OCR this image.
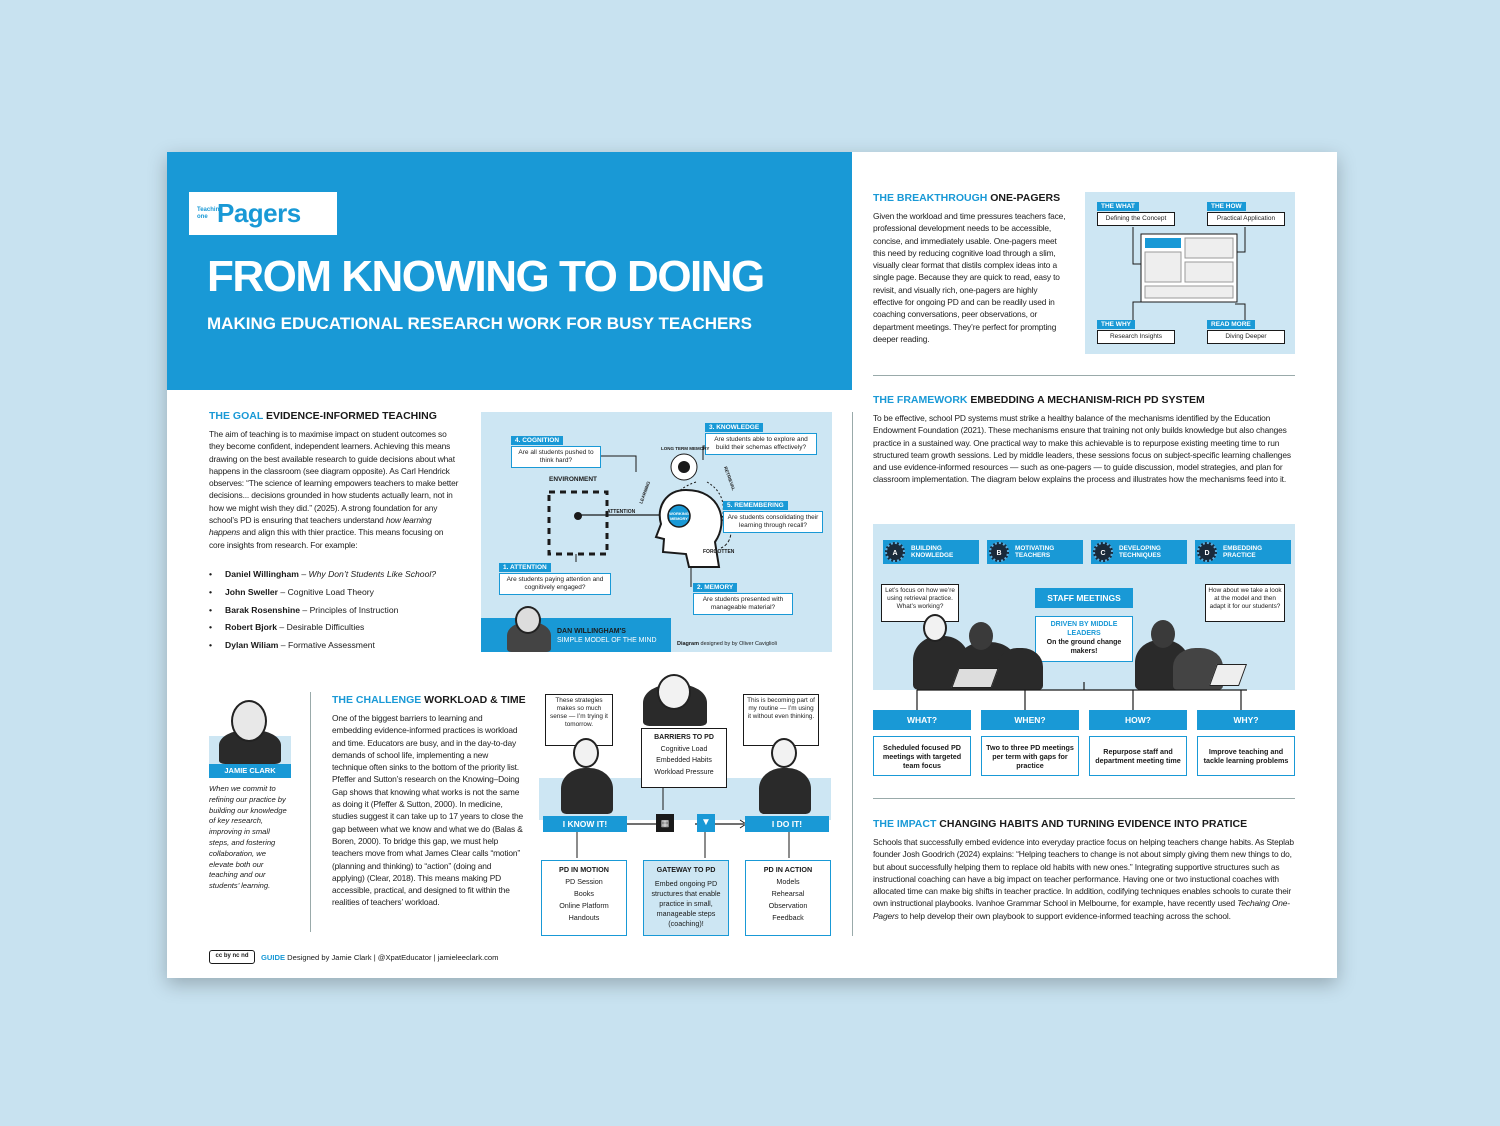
Teaching one Pagers
FROM KNOWING TO DOING
MAKING EDUCATIONAL RESEARCH WORK FOR BUSY TEACHERS
THE GOAL EVIDENCE-INFORMED TEACHING
The aim of teaching is to maximise impact on student outcomes so they become confident, independent learners. Achieving this means drawing on the best available research to guide decisions about what happens in the classroom (see diagram opposite). As Carl Hendrick observes: “The science of learning empowers teachers to make better decisions... decisions grounded in how students actually learn, not in how we might wish they did.” (2025). A strong foundation for any school’s PD is ensuring that teachers understand how learning happens and align this with thier practice. This means focusing on core insights from research. For example:
• Daniel Willingham – Why Don’t Students Like School?
• John Sweller – Cognitive Load Theory
• Barak Rosenshine – Principles of Instruction
• Robert Bjork – Desirable Difficulties
• Dylan Wiliam – Formative Assessment
4. COGNITION
Are all students pushed to think hard?
3. KNOWLEDGE
Are students able to explore and build their schemas effectively?
5. REMEMBERING
Are students consolidating their learning through recall?
1. ATTENTION
Are students paying attention and cognitively engaged?	2. MEMORY
Are students presented with manageable material?
ENVIRONMENT
ATTENTION	WORKING MEMORY
LONG TERM MEMORY
LEARNING
RETRIEVAL
FORGOTTEN
DAN WILLINGHAM'S
SIMPLE MODEL OF THE MIND	Diagram designed by by Oliver Caviglioli
JAMIE CLARK
When we commit to refining our practice by building our knowledge of key research, improving in small steps, and fostering collaboration, we elevate both our teaching and our students’ learning.
THE CHALLENGE WORKLOAD & TIME
One of the biggest barriers to learning and embedding evidence-informed practices is workload and time. Educators are busy, and in the day-to-day demands of school life, implementing a new technique often sinks to the bottom of the priority list. Pfeffer and Sutton’s research on the Knowing–Doing Gap shows that knowing what works is not the same as doing it (Pfeffer & Sutton, 2000). In medicine, studies suggest it can take up to 17 years to close the gap between what we know and what we do (Balas & Boren, 2000). To bridge this gap, we must help teachers move from what James Clear calls “motion” (planning and thinking) to “action” (doing and applying) (Clear, 2018). This means making PD accessible, practical, and designed to fit within the realities of teachers’ workload.
These strategies makes so much sense — I’m trying it tomorrow.
This is becoming part of my routine — I’m using it without even thinking.
BARRIERS TO PD
Cognitive Load
Embedded Habits
Workload Pressure
▦	▼
I KNOW IT!	I DO IT!
PD IN MOTION
PD Session
Books
Online Platform
Handouts
GATEWAY TO PD
Embed ongoing PD structures that enable practice in small, manageable steps (coaching)!
PD IN ACTION
Models
Rehearsal
Observation
Feedback
cc by nc nd	GUIDE Designed by Jamie Clark | @XpatEducator | jamieleeclark.com
THE BREAKTHROUGH ONE-PAGERS
Given the workload and time pressures teachers face, professional development needs to be accessible, concise, and immediately usable. One-pagers meet this need by reducing cognitive load through a slim, visually clear format that distils complex ideas into a single page. Because they are quick to read, easy to revisit, and visually rich, one-pagers are highly effective for ongoing PD and can be readily used in coaching conversations, peer observations, or department meetings. They’re perfect for prompting deeper reading.
THE WHAT
Defining the Concept
THE HOW
Practical Application
THE WHY
Research Insights
READ MORE
Diving Deeper
THE FRAMEWORK EMBEDDING A MECHANISM-RICH PD SYSTEM
To be effective, school PD systems must strike a healthy balance of the mechanisms identified by the Education Endowment Foundation (2021). These mechanisms ensure that training not only builds knowledge but also changes practice in a sustained way. One practical way to make this achievable is to repurpose existing meeting time to run structured team growth sessions. Led by middle leaders, these sessions focus on subject-specific learning challenges and use evidence-informed resources — such as one-pagers — to guide discussion, model strategies, and plan for classroom implementation. The diagram below explains the process and illustrates how the mechanisms feed into it.
A
BUILDING KNOWLEDGE	B
MOTIVATING TEACHERS	C
DEVELOPING TECHNIQUES	D
EMBEDDING PRACTICE
Let’s focus on how we’re using retrieval practice. What’s working?
How about we take a look at the model and then adapt it for our students?
STAFF MEETINGS
DRIVEN BY MIDDLE LEADERS
On the ground change makers!
WHAT?
Scheduled focused PD meetings with targeted team focus
WHEN?
Two to three PD meetings per term with gaps for practice
HOW?
Repurpose staff and department meeting time
WHY?
Improve teaching and tackle learning problems
THE IMPACT CHANGING HABITS AND TURNING EVIDENCE INTO PRATICE
Schools that successfully embed evidence into everyday practice focus on helping teachers change habits. As Steplab founder Josh Goodrich (2024) explains: “Helping teachers to change is not about simply giving them new things to do, but about successfully helping them to replace old habits with new ones.” Integrating supportive structures such as instructional coaching can have a big impact on teacher performance. Having one or two instuctional coaches with allocated time can make big shifts in teacher practice. In addition, codifying techniques enables schools to curate their own instructional playbooks. Ivanhoe Grammar School in Melbourne, for example, have recently used Techaing One-Pagers to help develop their own playbook to support evidence-informed teaching across the school.
